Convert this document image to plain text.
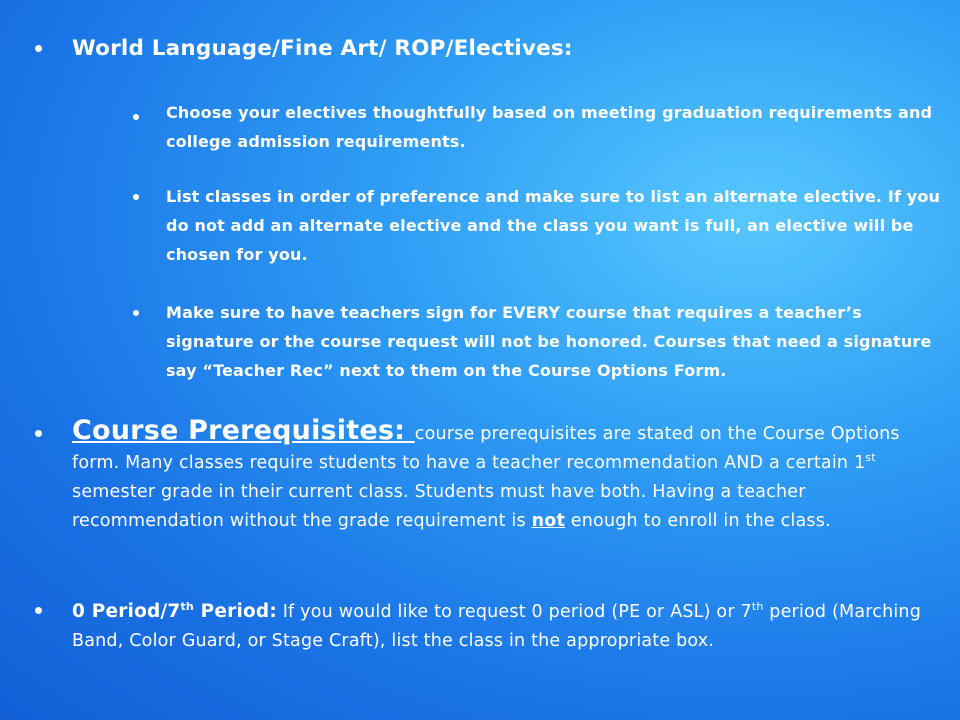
World Language/Fine Art/ ROP/Electives:
Choose your electives thoughtfully based on meeting graduation requirements and college admission requirements.
List classes in order of preference and make sure to list an alternate elective. If you do not add an alternate elective and the class you want is full, an elective will be chosen for you.
Make sure to have teachers sign for EVERY course that requires a teacher’s signature or the course request will not be honored. Courses that need a signature say “Teacher Rec” next to them on the Course Options Form.
Course Prerequisites: course prerequisites are stated on the Course Options form. Many classes require students to have a teacher recommendation AND a certain 1st semester grade in their current class. Students must have both. Having a teacher recommendation without the grade requirement is not enough to enroll in the class.
0 Period/7th Period: If you would like to request 0 period (PE or ASL) or 7th period (Marching Band, Color Guard, or Stage Craft), list the class in the appropriate box.
